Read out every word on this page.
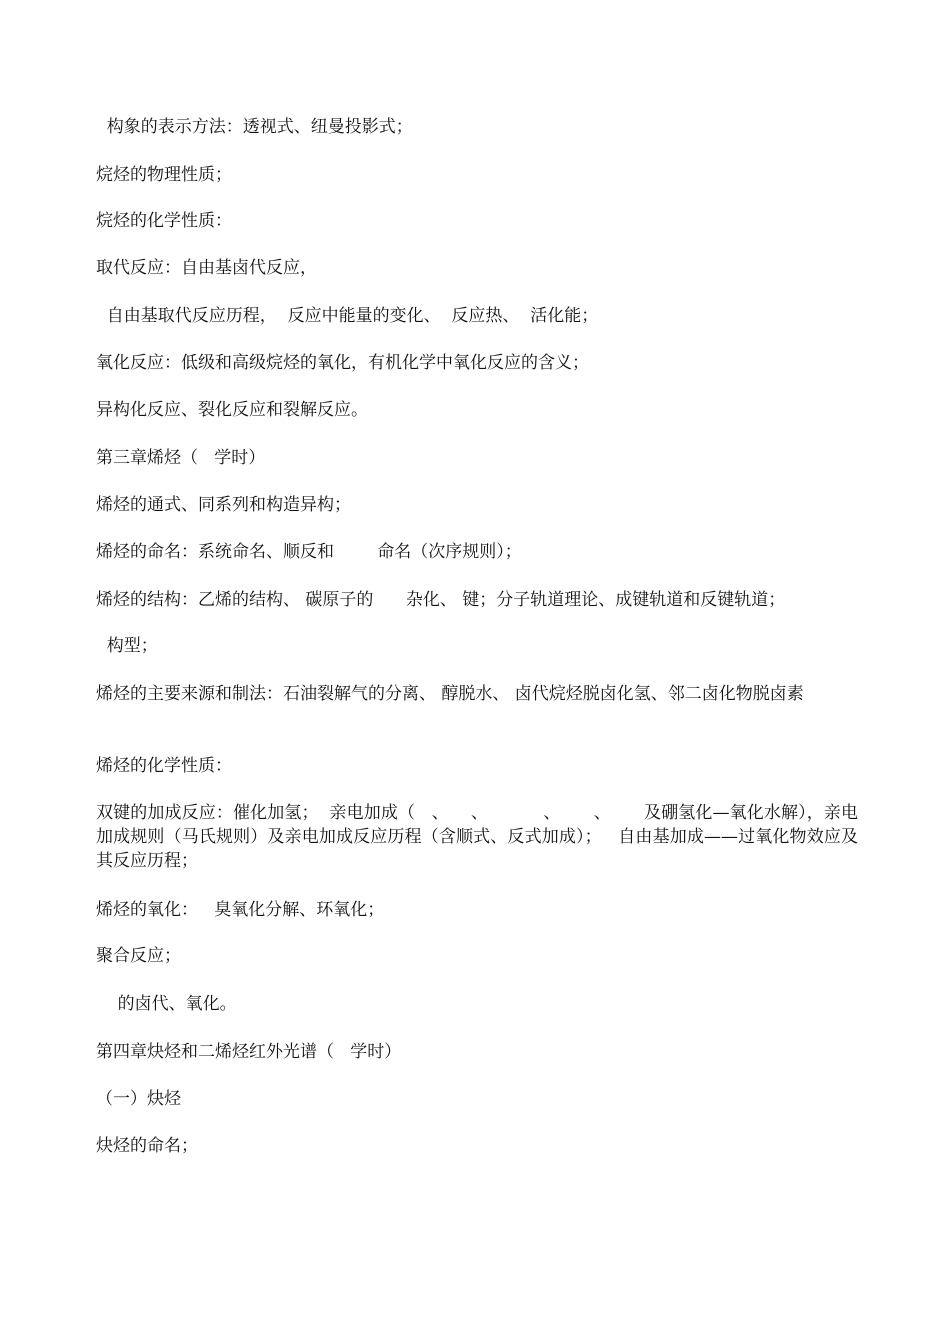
构象的表示方法：透视式、纽曼投影式；

烷烃的物理性质；

烷烃的化学性质：

取代反应：自由基卤代反应，

自由基取代反应历程，  反应中能量的变化、  反应热、  活化能；

氧化反应：低级和高级烷烃的氧化，有机化学中氧化反应的含义；

异构化反应、裂化反应和裂解反应。

第三章烯烃（   学时）

烯烃的通式、同系列和构造异构；

烯烃的命名：系统命名、顺反和        命名（次序规则）；

烯烃的结构：乙烯的结构、 碳原子的      杂化、 键；分子轨道理论、成键轨道和反键轨道；

构型；

烯烃的主要来源和制法：石油裂解气的分离、 醇脱水、 卤代烷烃脱卤化氢、邻二卤化物脱卤素

烯烃的化学性质：

双键的加成反应：催化加氢；  亲电加成（   、    、          、      、      及硼氢化—氧化水解），亲电加成规则（马氏规则）及亲电加成反应历程（含顺式、反式加成）；   自由基加成——过氧化物效应及其反应历程；

烯烃的氧化：   臭氧化分解、环氧化；

聚合反应；

的卤代、氧化。

第四章炔烃和二烯烃红外光谱（   学时）

（一）炔烃

炔烃的命名；
